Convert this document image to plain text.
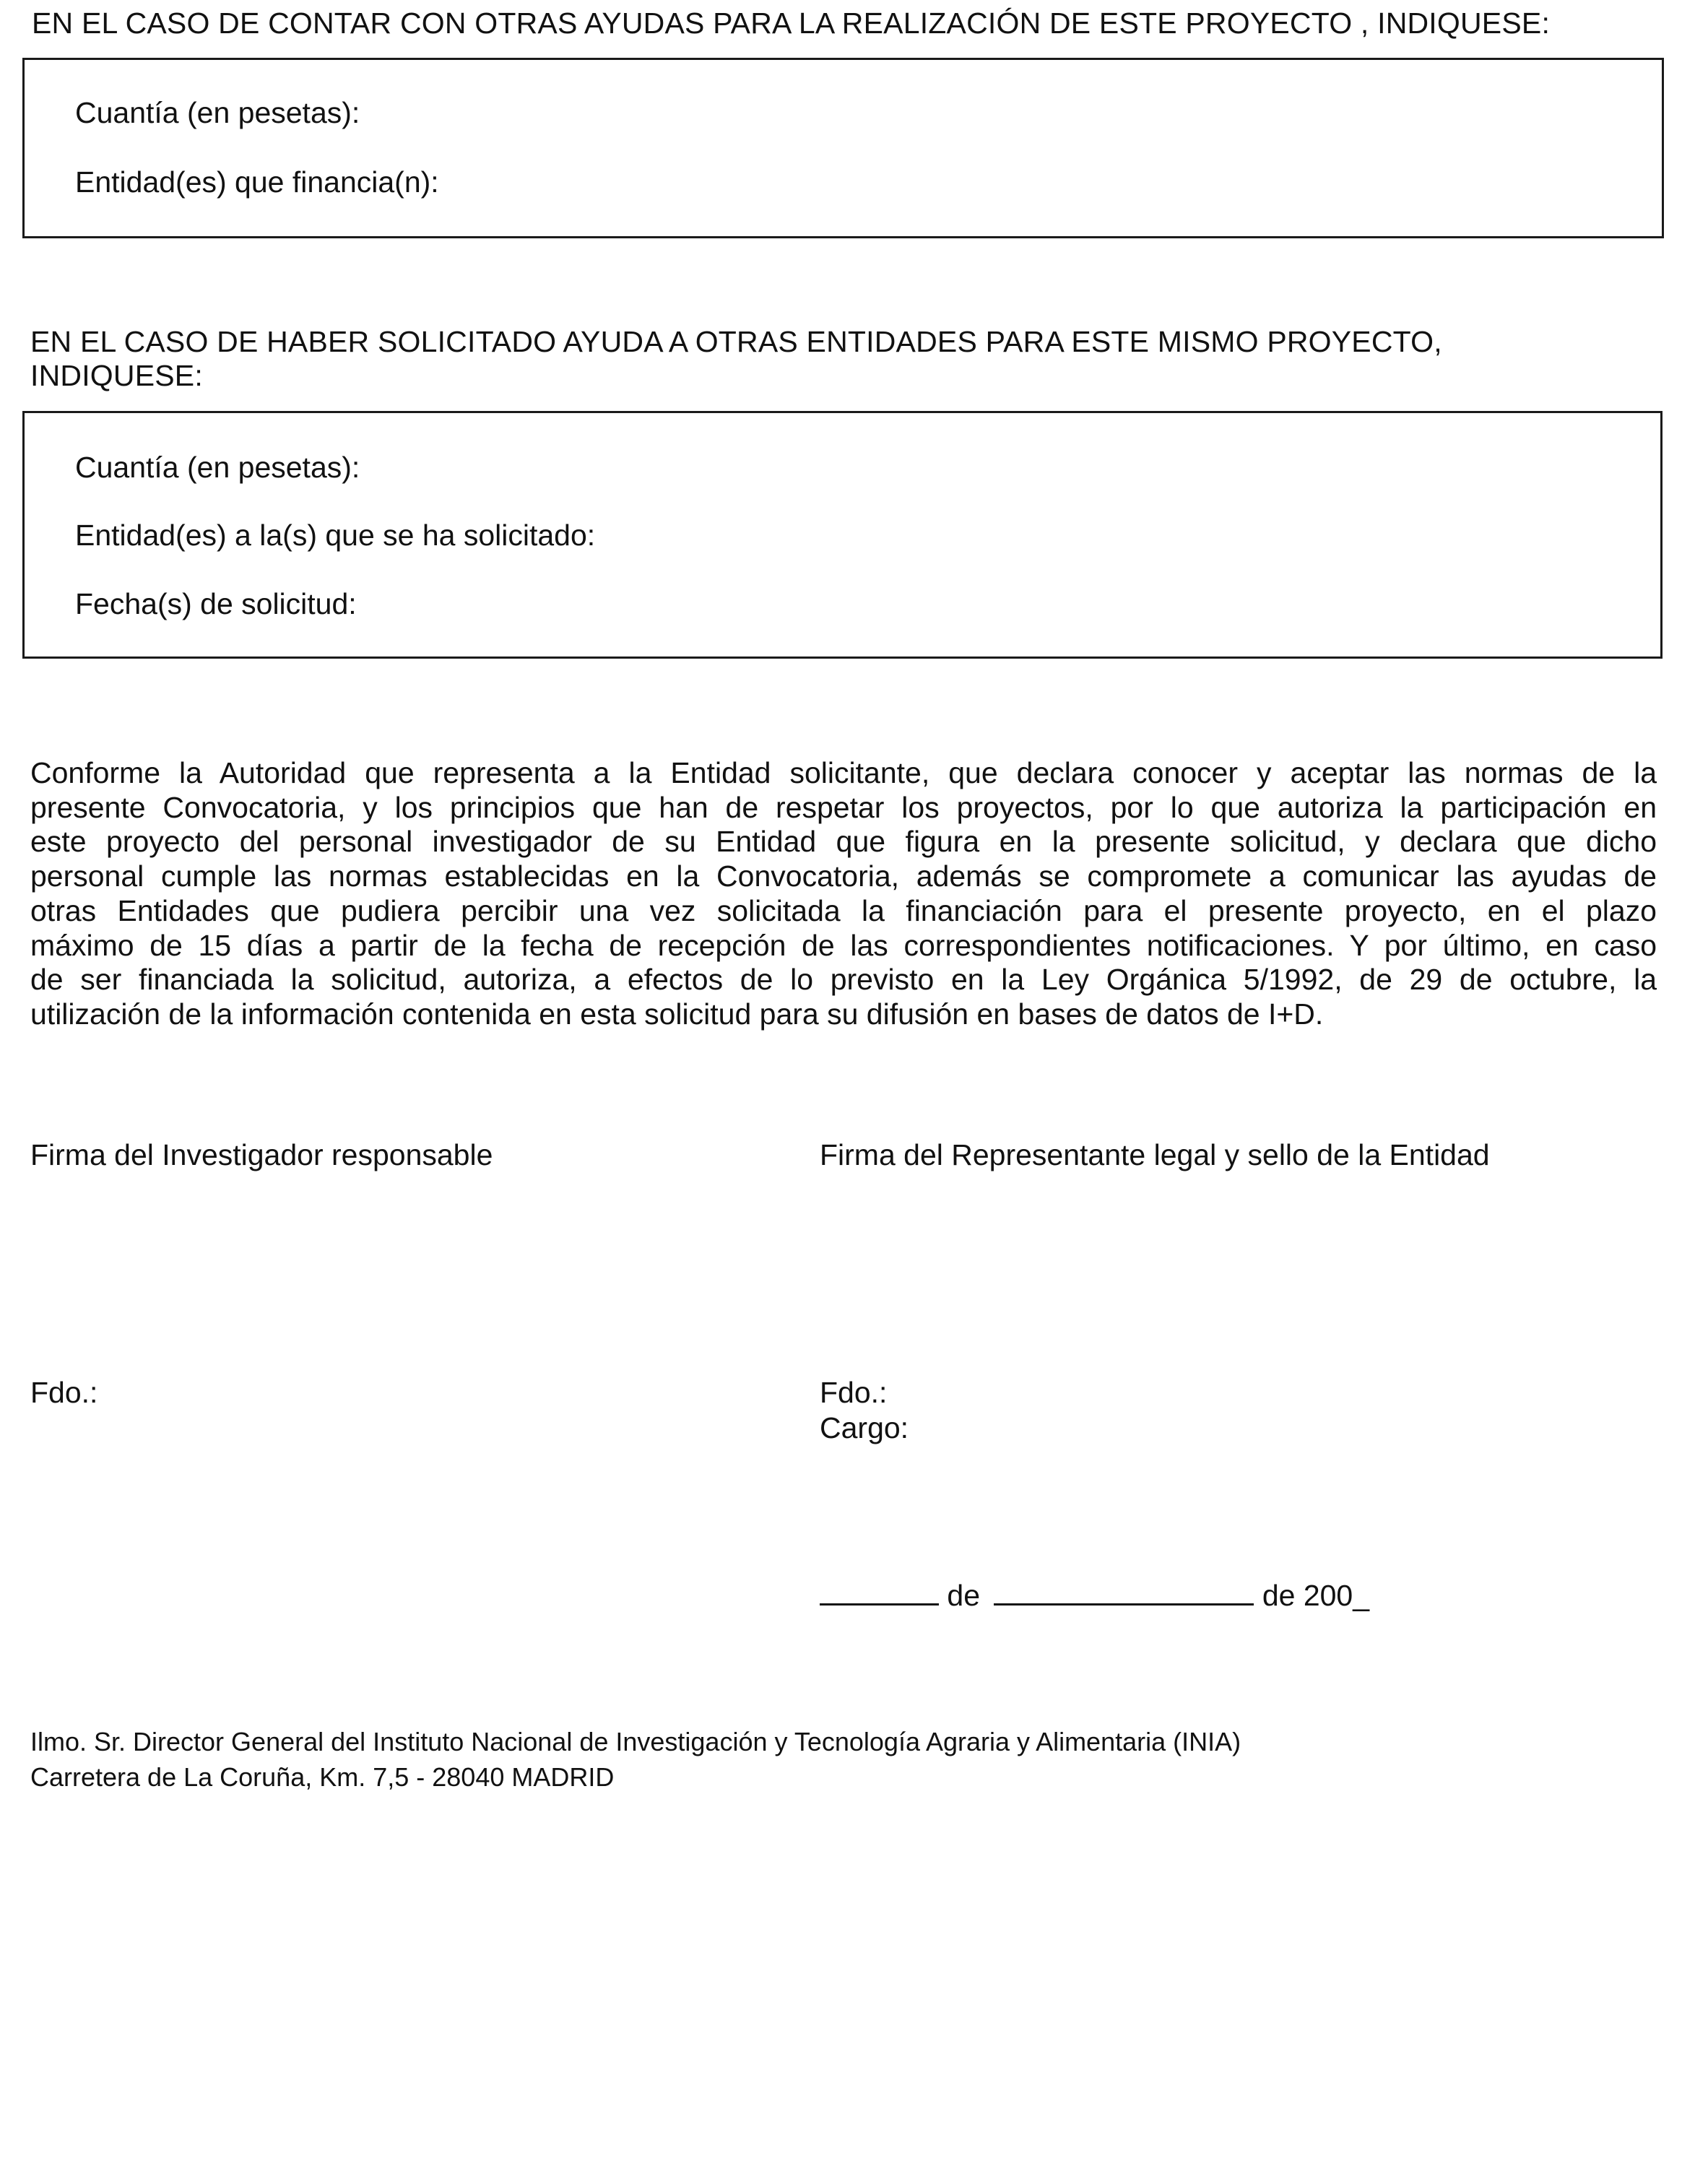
EN EL CASO DE CONTAR CON OTRAS AYUDAS PARA LA REALIZACIÓN DE ESTE PROYECTO , INDIQUESE:
Cuantía (en pesetas):
Entidad(es) que financia(n):
EN EL CASO DE HABER SOLICITADO AYUDA A OTRAS ENTIDADES PARA ESTE MISMO PROYECTO,
INDIQUESE:
Cuantía (en pesetas):
Entidad(es) a la(s) que se ha solicitado:
Fecha(s) de solicitud:
Conforme la Autoridad que representa a la Entidad solicitante, que declara conocer y aceptar las normas de la
presente Convocatoria, y los principios que han de respetar los proyectos, por lo que autoriza la participación en
este proyecto del personal investigador de su Entidad que figura en la presente solicitud, y declara que dicho
personal cumple las normas establecidas en la Convocatoria, además se compromete a comunicar las ayudas de
otras Entidades que pudiera percibir una vez solicitada la financiación para el presente proyecto, en el plazo
máximo de 15 días a partir de la fecha de recepción de las correspondientes notificaciones. Y por último, en caso
de ser financiada la solicitud, autoriza, a efectos de lo previsto en la Ley Orgánica 5/1992, de 29 de octubre, la
utilización de la información contenida en esta solicitud para su difusión en bases de datos de I+D.
Firma del Investigador responsable	Firma del Representante legal y sello de la Entidad
Fdo.:	Fdo.:
Cargo:
de	de 200_
Ilmo. Sr. Director General del Instituto Nacional de Investigación y Tecnología Agraria y Alimentaria (INIA)
Carretera de La Coruña, Km. 7,5 - 28040 MADRID
